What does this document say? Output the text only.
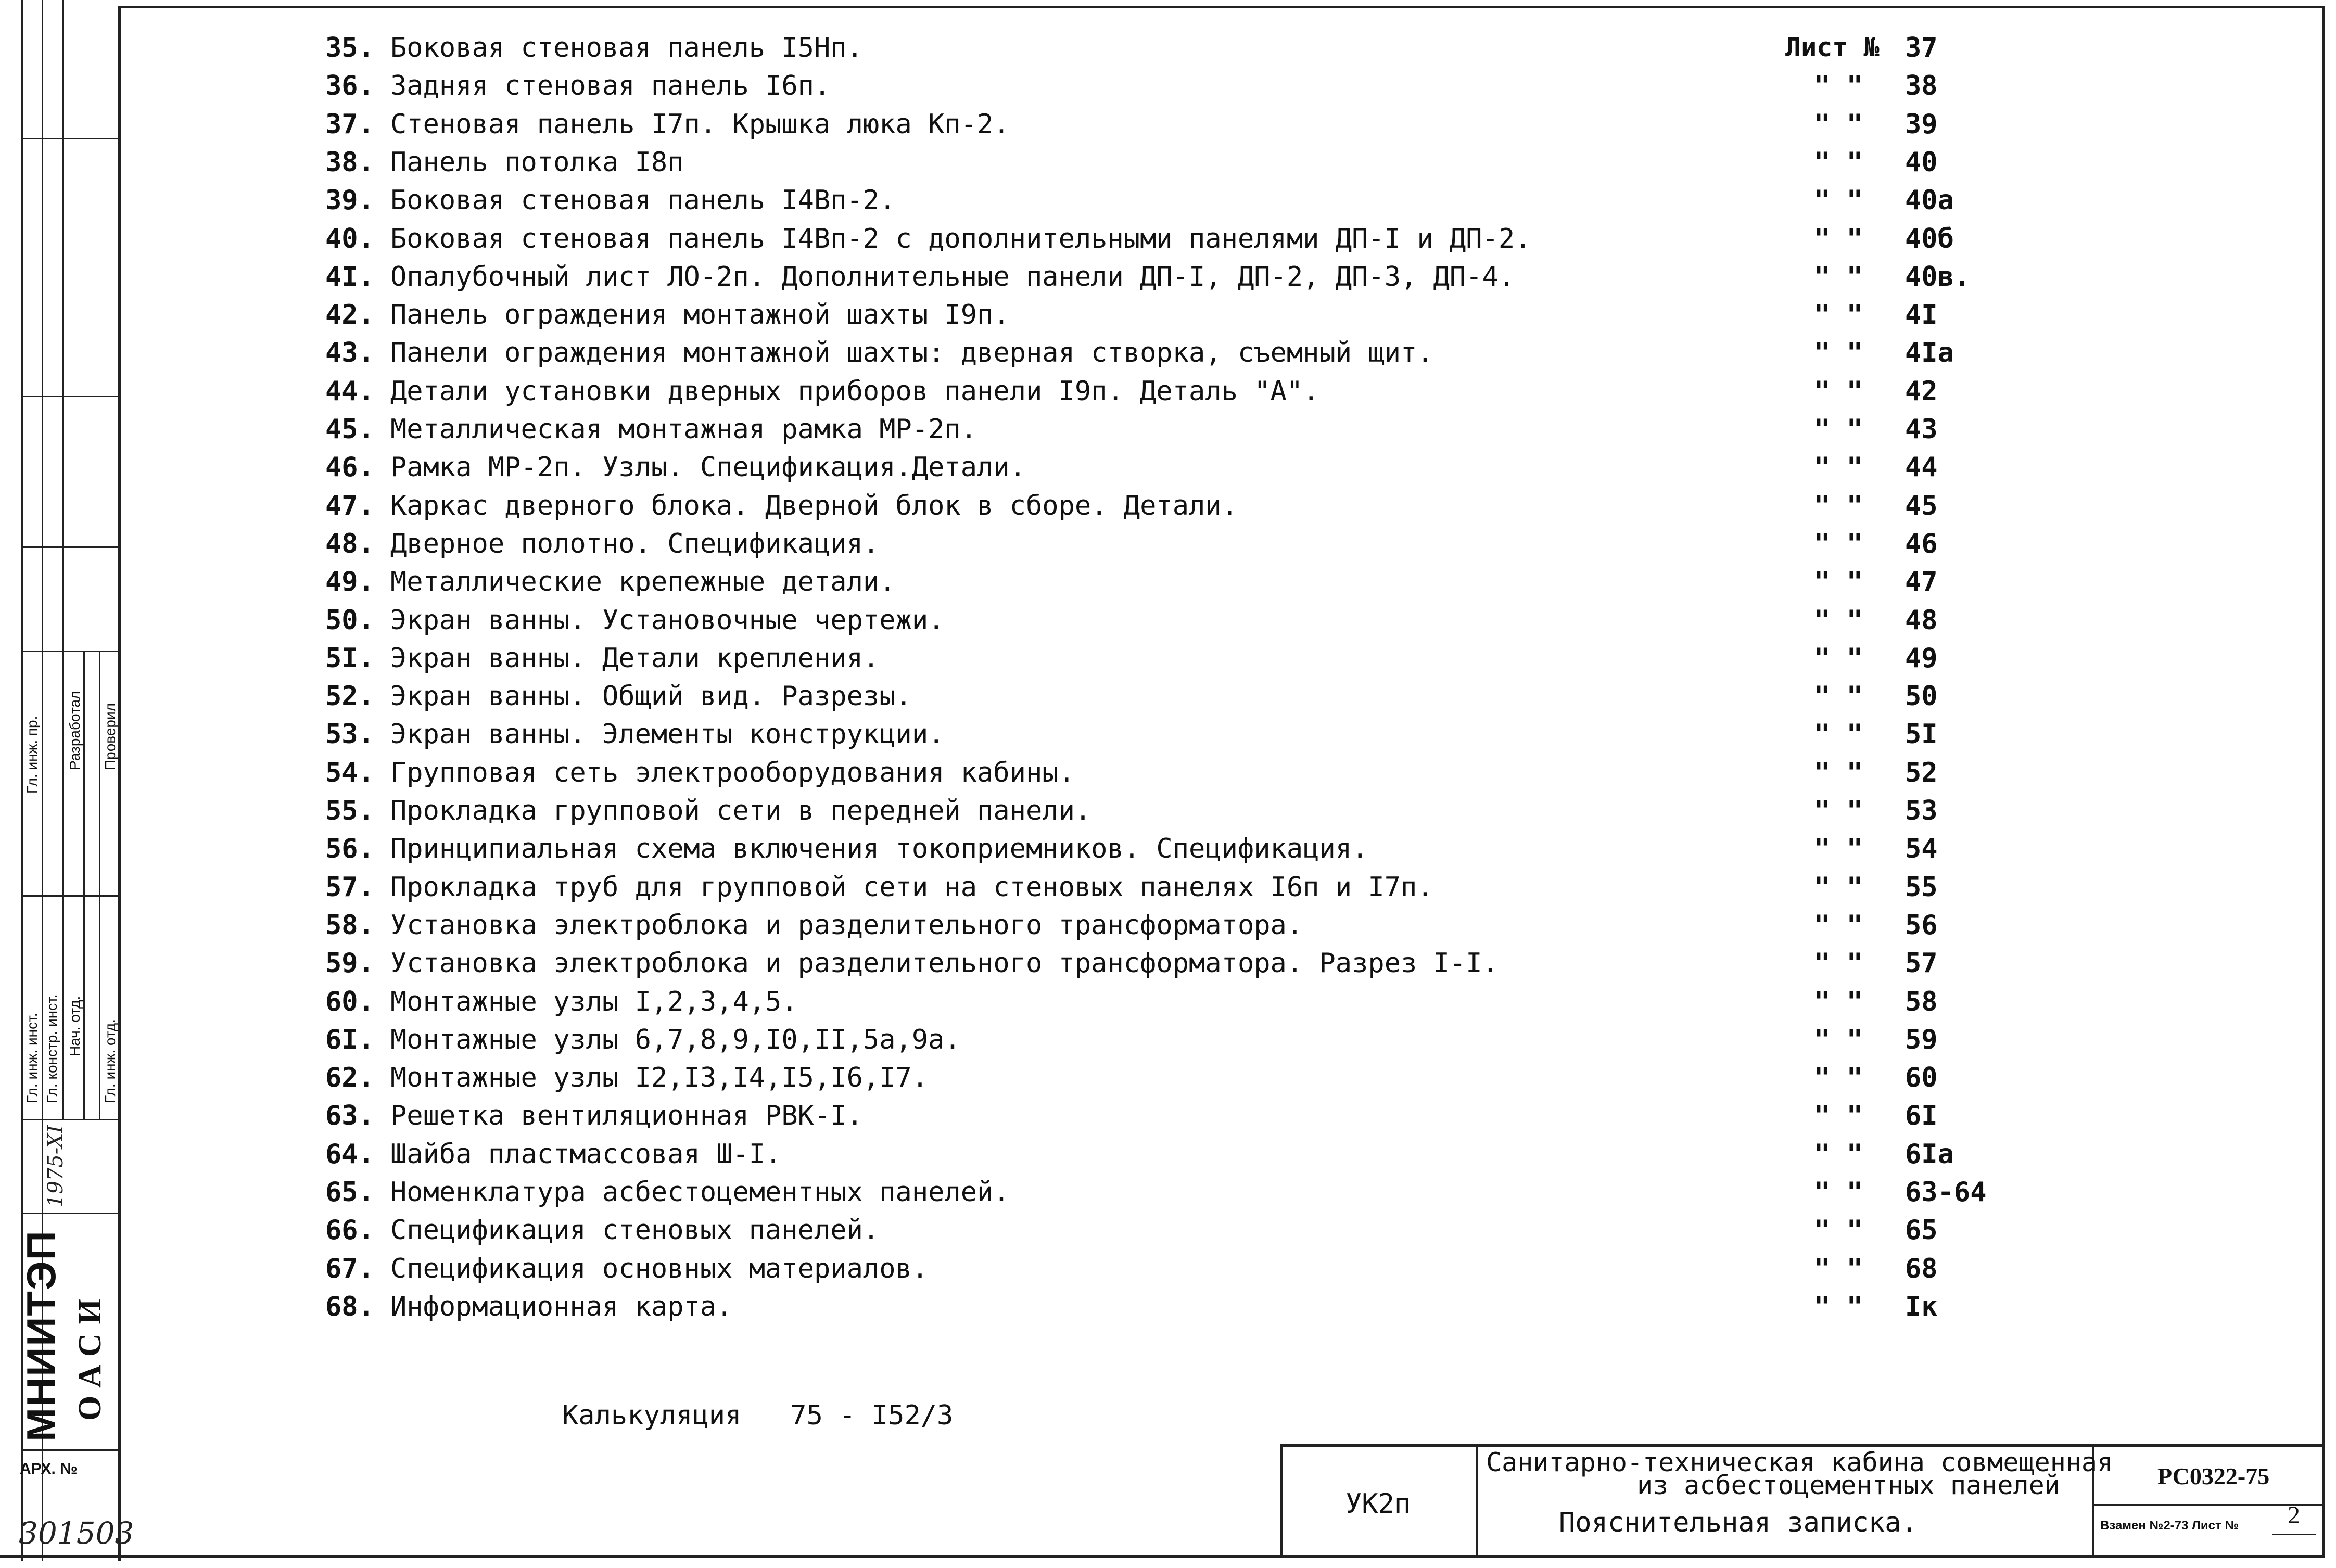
Гл. инж. пр. Разработал Проверил
Гл. инж. инст. Гл. констр. инст. Нач. отд. Гл. инж. отд.
1975-XI
МНИИТЭП ОАСИ
АРХ. №
301503
Лист №
35. Боковая стеновая панель I5Нп.	37
36. Задняя стеновая панель I6п.	" " 38
37. Стеновая панель I7п. Крышка люка Кп-2.	" " 39
38. Панель потолка I8п	" " 40
39. Боковая стеновая панель I4Вп-2.	" " 40а
40. Боковая стеновая панель I4Вп-2 с дополнительными панелями ДП-I и ДП-2.	" " 40б
4I. Опалубочный лист ЛО-2п. Дополнительные панели ДП-I, ДП-2, ДП-3, ДП-4.	" " 40в.
42. Панель ограждения монтажной шахты I9п.	" " 4I
43. Панели ограждения монтажной шахты: дверная створка, съемный щит.	" " 4Iа
44. Детали установки дверных приборов панели I9п. Деталь "А".	" " 42
45. Металлическая монтажная рамка МР-2п.	" " 43
46. Рамка МР-2п. Узлы. Спецификация.Детали.	" " 44
47. Каркас дверного блока. Дверной блок в сборе. Детали.	" " 45
48. Дверное полотно. Спецификация.	" " 46
49. Металлические крепежные детали.	" " 47
50. Экран ванны. Установочные чертежи.	" " 48
5I. Экран ванны. Детали крепления.	" " 49
52. Экран ванны. Общий вид. Разрезы.	" " 50
53. Экран ванны. Элементы конструкции.	" " 5I
54. Групповая сеть электрооборудования кабины.	" " 52
55. Прокладка групповой сети в передней панели.	" " 53
56. Принципиальная схема включения токоприемников. Спецификация.	" " 54
57. Прокладка труб для групповой сети на стеновых панелях I6п и I7п.	" " 55
58. Установка электроблока и разделительного трансформатора.	" " 56
59. Установка электроблока и разделительного трансформатора. Разрез I-I.	" " 57
60. Монтажные узлы I,2,3,4,5.	" " 58
6I. Монтажные узлы 6,7,8,9,I0,II,5а,9а.	" " 59
62. Монтажные узлы I2,I3,I4,I5,I6,I7.	" " 60
63. Решетка вентиляционная РВК-I.	" " 6I
64. Шайба пластмассовая Ш-I.	" " 6Iа
65. Номенклатура асбестоцементных панелей.	" " 63-64
66. Спецификация стеновых панелей.	" " 65
67. Спецификация основных материалов.	" " 68
68. Информационная карта.	" " Iк
Калькуляция 75 - I52/3
УК2п
Санитарно-техническая кабина совмещенная
из асбестоцементных панелей
Пояснительная записка.
РС0322-75
Взамен №2-73 Лист № 2
